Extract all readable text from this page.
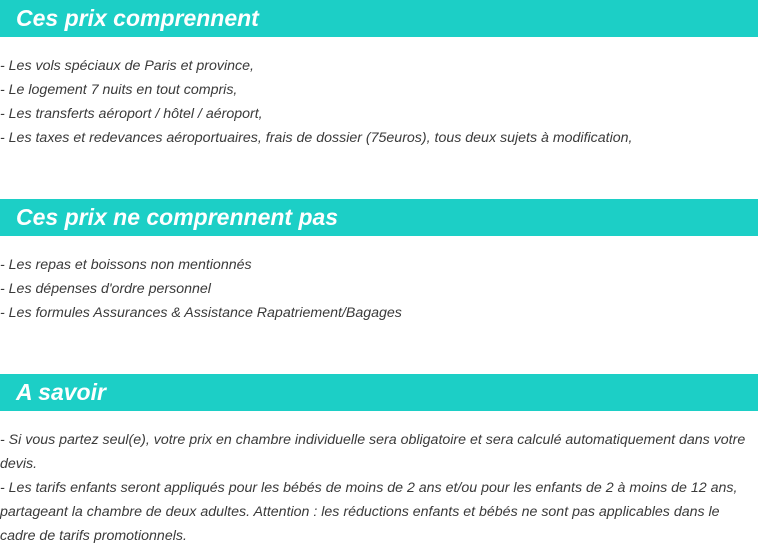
Ces prix comprennent
- Les vols spéciaux de Paris et province,
- Le logement 7 nuits en tout compris,
- Les transferts aéroport / hôtel / aéroport,
- Les taxes et redevances aéroportuaires, frais de dossier (75euros), tous deux sujets à modification,
Ces prix ne comprennent pas
- Les repas et boissons non mentionnés
- Les dépenses d'ordre personnel
- Les formules Assurances & Assistance Rapatriement/Bagages
A savoir
- Si vous partez seul(e), votre prix en chambre individuelle sera obligatoire et sera calculé automatiquement dans votre devis.
- Les tarifs enfants seront appliqués pour les bébés de moins de 2 ans et/ou pour les enfants de 2 à moins de 12 ans, partageant la chambre de deux adultes. Attention : les réductions enfants et bébés ne sont pas applicables dans le cadre de tarifs promotionnels.
